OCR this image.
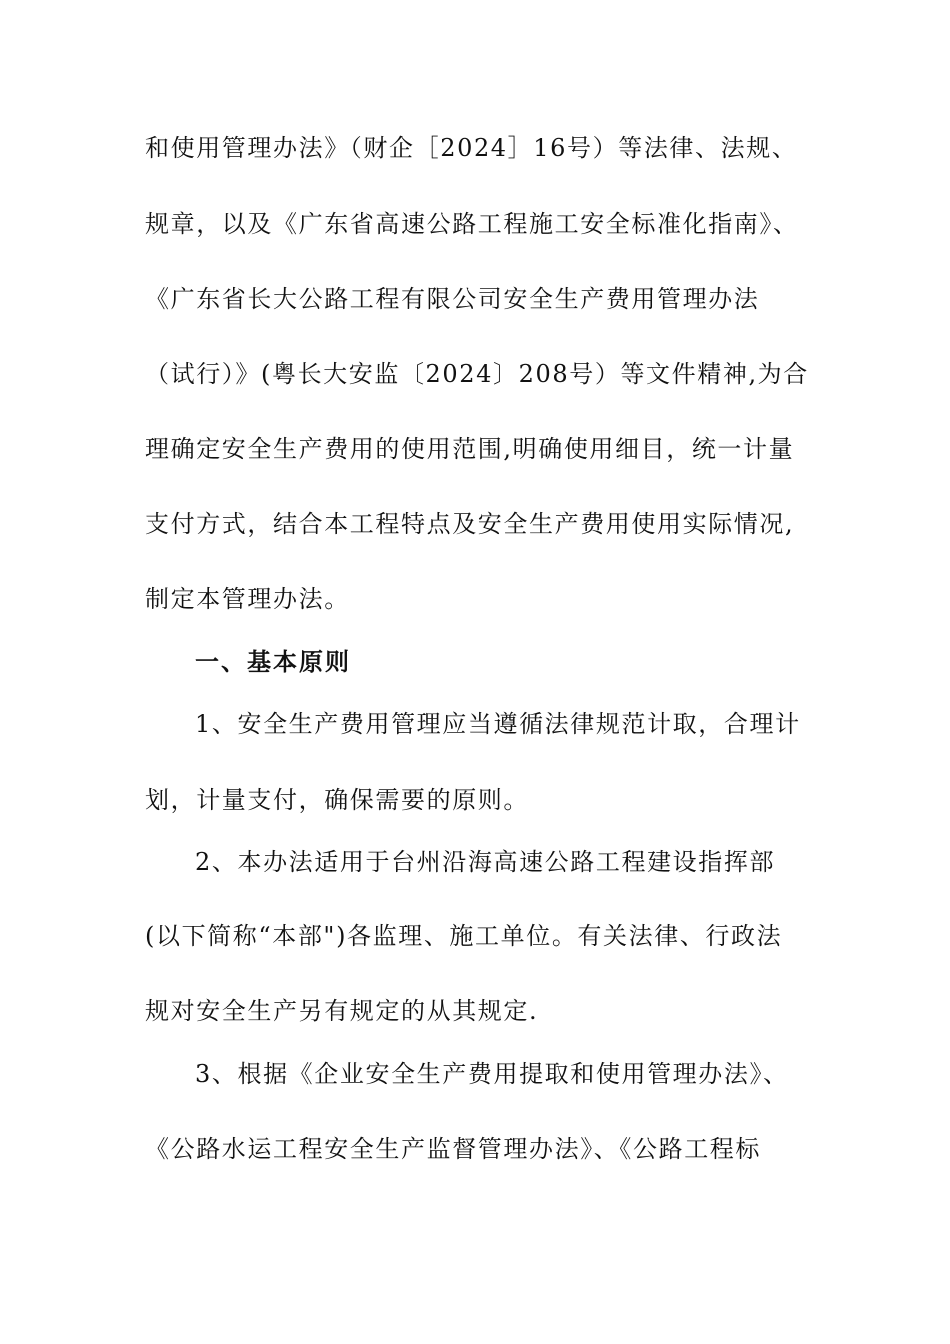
和使用管理办法》（财企［2024］16号）等法律、法规、
规章，以及《广东省高速公路工程施工安全标准化指南》、
《广东省长大公路工程有限公司安全生产费用管理办法
（试行）》(粤长大安监〔2024〕208号）等文件精神,为合
理确定安全生产费用的使用范围,明确使用细目，统一计量
支付方式，结合本工程特点及安全生产费用使用实际情况,
制定本管理办法。
一、基本原则
1、安全生产费用管理应当遵循法律规范计取，合理计
划，计量支付，确保需要的原则。
2、本办法适用于台州沿海高速公路工程建设指挥部
(以下简称“本部")各监理、施工单位。有关法律、行政法
规对安全生产另有规定的从其规定.
3、根据《企业安全生产费用提取和使用管理办法》、
《公路水运工程安全生产监督管理办法》、《公路工程标
